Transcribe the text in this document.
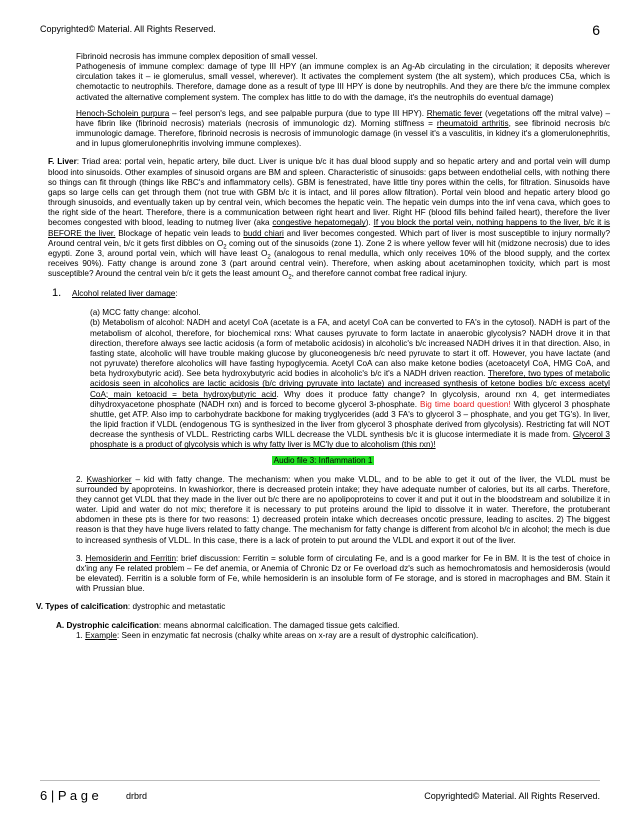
Copyrighted© Material. All Rights Reserved.	6

Fibrinoid necrosis has immune complex deposition of small vessel.

Pathogenesis of immune complex: damage of type III HPY (an immune complex is an Ag-Ab circulating in the circulation; it deposits wherever circulation takes it – ie glomerulus, small vessel, wherever). It activates the complement system (the alt system), which produces C5a, which is chemotactic to neutrophils. Therefore, damage done as a result of type III HPY is done by neutrophils. And they are there b/c the immune complex activated the alternative complement system. The complex has little to do with the damage, it's the neutrophils do eventual damage)

Henoch-Scholein purpura – feel person's legs, and see palpable purpura (due to type III HPY). Rhematic fever (vegetations off the mitral valve) – have fibrin like (fibrinoid necrosis) materials (necrosis of immunologic dz). Morning stiffness = rheumatoid arthritis, see fibrinoid necrosis b/c immunologic damage. Therefore, fibrinoid necrosis is necrosis of immunologic damage (in vessel it's a vasculitis, in kidney it's a glomerulonephritis, and in lupus glomerulonephritis involving immune complexes).

F. Liver: Triad area: portal vein, hepatic artery, bile duct. Liver is unique b/c it has dual blood supply and so hepatic artery and and portal vein will dump blood into sinusoids. Other examples of sinusoid organs are BM and spleen. Characteristic of sinusoids: gaps between endothelial cells, with nothing there so things can fit through (things like RBC's and inflammatory cells). GBM is fenestrated, have little tiny pores within the cells, for filtration. Sinusoids have gaps so large cells can get through them (not true with GBM b/c it is intact, and lil pores allow filtration). Portal vein blood and hepatic artery blood go through sinusoids, and eventually taken up by central vein, which becomes the hepatic vein. The hepatic vein dumps into the inf vena cava, which goes to the right side of the heart. Therefore, there is a communication between right heart and liver. Right HF (blood fills behind failed heart), therefore the liver becomes congested with blood, leading to nutmeg liver (aka congestive hepatomegaly). If you block the portal vein, nothing happens to the liver, b/c it is BEFORE the liver. Blockage of hepatic vein leads to budd chiari and liver becomes congested. Which part of liver is most susceptible to injury normally? Around central vein, b/c it gets first dibbles on $O_2$ coming out of the sinusoids (zone 1). Zone 2 is where yellow fever will hit (midzone necrosis) due to ides egypti. Zone 3, around portal vein, which will have least $O_2$ (analogous to renal medulla, which only receives 10% of the blood supply, and the cortex receives 90%). Fatty change is around zone 3 (part around central vein). Therefore, when asking about acetaminophen toxicity, which part is most susceptible? Around the central vein b/c it gets the least amount $O_2$, and therefore cannot combat free radical injury.

1. Alcohol related liver damage:

(a) MCC fatty change: alcohol.

(b) Metabolism of alcohol: NADH and acetyl CoA (acetate is a FA, and acetyl CoA can be converted to FA's in the cytosol). NADH is part of the metabolism of alcohol, therefore, for biochemical rxns: What causes pyruvate to form lactate in anaerobic glycolysis? NADH drove it in that direction, therefore always see lactic acidosis (a form of metabolic acidosis) in alcoholic's b/c increased NADH drives it in that direction. Also, in fasting state, alcoholic will have trouble making glucose by gluconeogenesis b/c need pyruvate to start it off. However, you have lactate (and not pyruvate) therefore alcoholics will have fasting hypoglycemia. Acetyl CoA can also make ketone bodies (acetoacetyl CoA, HMG CoA, and beta hydroxybutyric acid). See beta hydroxybutyric acid bodies in alcoholic's b/c it's a NADH driven reaction. Therefore, two types of metabolic acidosis seen in alcoholics are lactic acidosis (b/c driving pyruvate into lactate) and increased synthesis of ketone bodies b/c excess acetyl CoA; main ketoacid = beta hydroxybutyric acid. Why does it produce fatty change? In glycolysis, around rxn 4, get intermediates dihydroxyacetone phosphate (NADH rxn) and is forced to become glycerol 3-phosphate. Big time board question! With glycerol 3 phosphate shuttle, get ATP. Also imp to carbohydrate backbone for making tryglycerides (add 3 FA's to glycerol 3 – phosphate, and you get TG's). In liver, the lipid fraction if VLDL (endogenous TG is synthesized in the liver from glycerol 3 phosphate derived from glycolysis). Restricting fat will NOT decrease the synthesis of VLDL. Restricting carbs WILL decrease the VLDL synthesis b/c it is glucose intermediate it is made from. Glycerol 3 phosphate is a product of glycolysis which is why fatty liver is MC'ly due to alcoholism (this rxn)!

Audio file 3: Inflammation 1

2. Kwashiorker – kid with fatty change. The mechanism: when you make VLDL, and to be able to get it out of the liver, the VLDL must be surrounded by apoproteins. In kwashiorkor, there is decreased protein intake; they have adequate number of calories, but its all carbs. Therefore, they cannot get VLDL that they made in the liver out b/c there are no apolipoproteins to cover it and put it out in the bloodstream and solubilize it in water. Lipid and water do not mix; therefore it is necessary to put proteins around the lipid to dissolve it in water. Therefore, the protuberant abdomen in these pts is there for two reasons: 1) decreased protein intake which decreases oncotic pressure, leading to ascites. 2) The biggest reason is that they have huge livers related to fatty change. The mechanism for fatty change is different from alcohol b/c in alcohol; the mech is due to increased synthesis of VLDL. In this case, there is a lack of protein to put around the VLDL and export it out of the liver.

3. Hemosiderin and Ferritin: brief discussion: Ferritin = soluble form of circulating Fe, and is a good marker for Fe in BM. It is the test of choice in dx'ing any Fe related problem – Fe def anemia, or Anemia of Chronic Dz or Fe overload dz's such as hemochromatosis and hemosiderosis (would be elevated). Ferritin is a soluble form of Fe, while hemosiderin is an insoluble form of Fe storage, and is stored in macrophages and BM. Stain it with Prussian blue.

V. Types of calcification: dystrophic and metastatic

A. Dystrophic calcification: means abnormal calcification. The damaged tissue gets calcified.

1. Example: Seen in enzymatic fat necrosis (chalky white areas on x-ray are a result of dystrophic calcification).

6 | P a g e	drbrd	Copyrighted© Material. All Rights Reserved.
